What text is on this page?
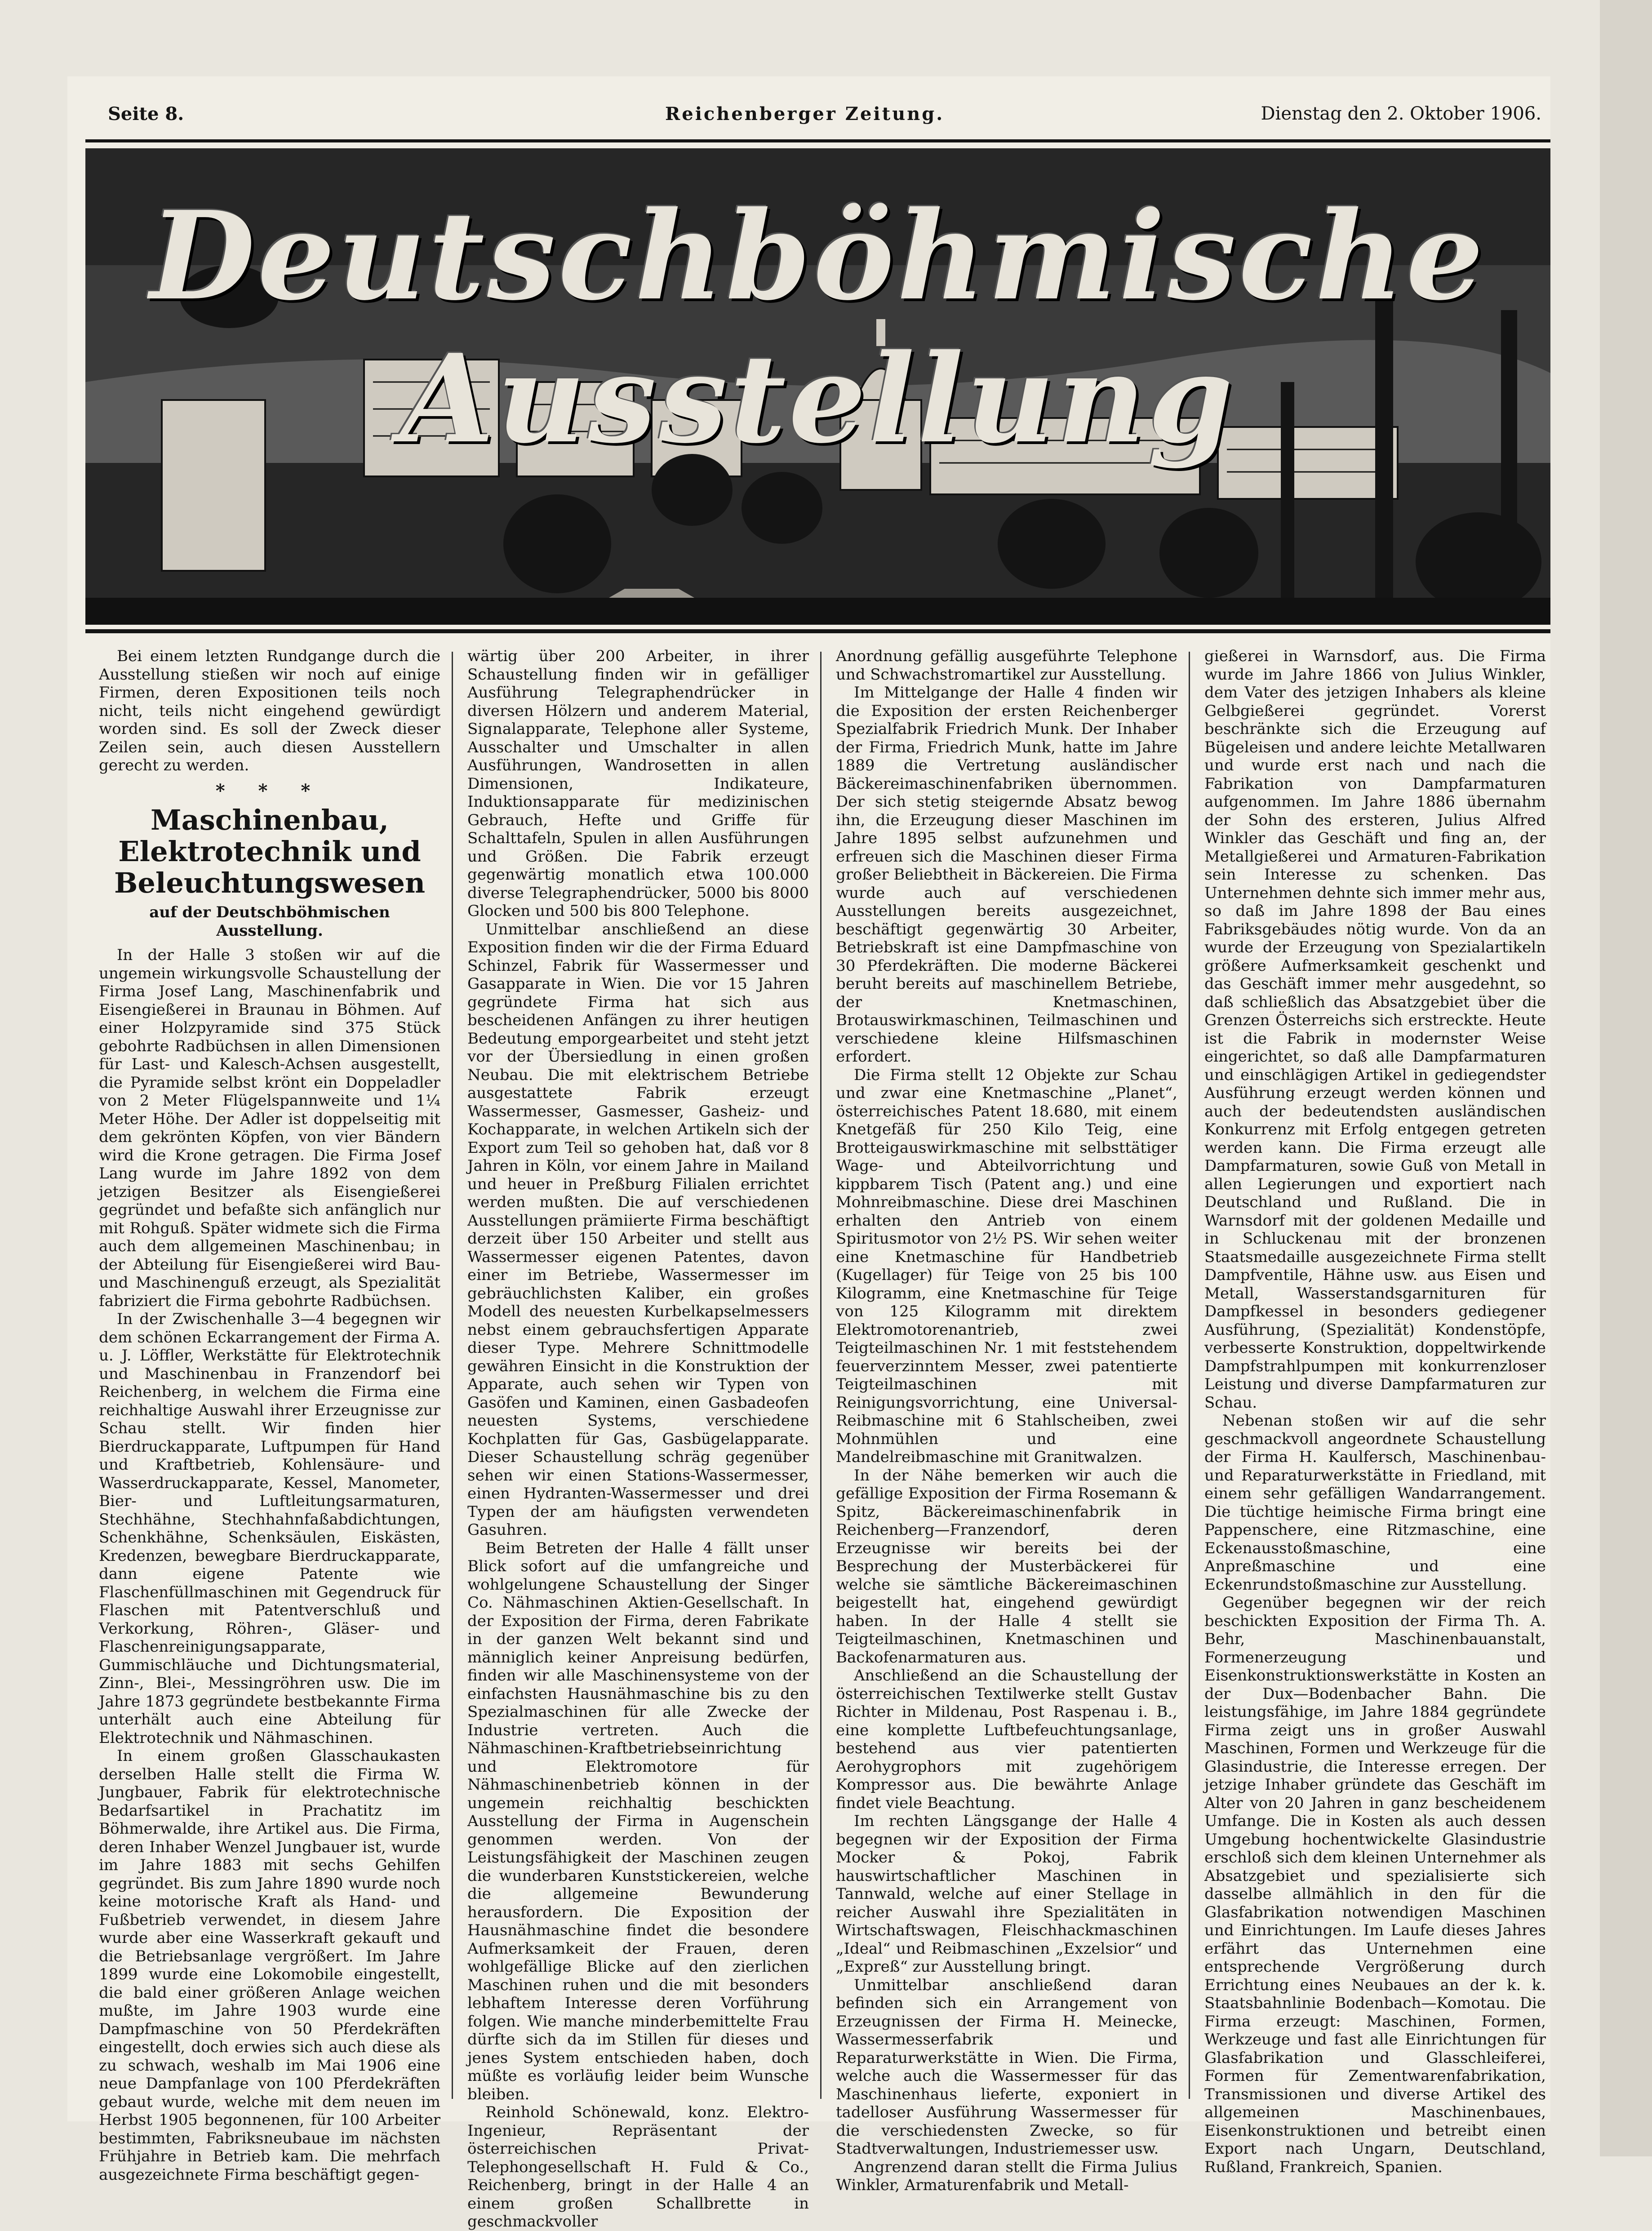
Seite 8.	Reichenberger Zeitung.	Dienstag den 2. Oktober 1906.
Deutschböhmische Ausstellung

Bei einem letzten Rundgange durch die Ausstellung stießen wir noch auf einige Firmen, deren Expositionen teils noch nicht, teils nicht eingehend gewürdigt worden sind. Es soll der Zweck dieser Zeilen sein, auch diesen Ausstellern gerecht zu werden.

* * *
Maschinenbau, Elektrotechnik und Beleuchtungswesen
auf der Deutschböhmischen Ausstellung.

In der Halle 3 stoßen wir auf die ungemein wirkungsvolle Schaustellung der Firma Josef Lang, Maschinenfabrik und Eisengießerei in Braunau in Böhmen. Auf einer Holzpyramide sind 375 Stück gebohrte Radbüchsen in allen Dimensionen für Last- und Kalesch-Achsen ausgestellt, die Pyramide selbst krönt ein Doppeladler von 2 Meter Flügelspannweite und 1¼ Meter Höhe. Der Adler ist doppelseitig mit dem gekrönten Köpfen, von vier Bändern wird die Krone getragen. Die Firma Josef Lang wurde im Jahre 1892 von dem jetzigen Besitzer als Eisengießerei gegründet und befaßte sich anfänglich nur mit Rohguß. Später widmete sich die Firma auch dem allgemeinen Maschinenbau; in der Abteilung für Eisengießerei wird Bau- und Maschinenguß erzeugt, als Spezialität fabriziert die Firma gebohrte Radbüchsen.

In der Zwischenhalle 3—4 begegnen wir dem schönen Eckarrangement der Firma A. u. J. Löffler, Werkstätte für Elektrotechnik und Maschinenbau in Franzendorf bei Reichenberg, in welchem die Firma eine reichhaltige Auswahl ihrer Erzeugnisse zur Schau stellt. Wir finden hier Bierdruckapparate, Luftpumpen für Hand und Kraftbetrieb, Kohlensäure- und Wasserdruckapparate, Kessel, Manometer, Bier- und Luftleitungsarmaturen, Stechhähne, Stechhahnfaßabdichtungen, Schenkhähne, Schenksäulen, Eiskästen, Kredenzen, bewegbare Bierdruckapparate, dann eigene Patente wie Flaschenfüllmaschinen mit Gegendruck für Flaschen mit Patentverschluß und Verkorkung, Röhren-, Gläser- und Flaschenreinigungsapparate, Gummischläuche und Dichtungsmaterial, Zinn-, Blei-, Messingröhren usw. Die im Jahre 1873 gegründete bestbekannte Firma unterhält auch eine Abteilung für Elektrotechnik und Nähmaschinen.

In einem großen Glasschaukasten derselben Halle stellt die Firma W. Jungbauer, Fabrik für elektrotechnische Bedarfsartikel in Prachatitz im Böhmerwalde, ihre Artikel aus. Die Firma, deren Inhaber Wenzel Jungbauer ist, wurde im Jahre 1883 mit sechs Gehilfen gegründet. Bis zum Jahre 1890 wurde noch keine motorische Kraft als Hand- und Fußbetrieb verwendet, in diesem Jahre wurde aber eine Wasserkraft gekauft und die Betriebsanlage vergrößert. Im Jahre 1899 wurde eine Lokomobile eingestellt, die bald einer größeren Anlage weichen mußte, im Jahre 1903 wurde eine Dampfmaschine von 50 Pferdekräften eingestellt, doch erwies sich auch diese als zu schwach, weshalb im Mai 1906 eine neue Dampfanlage von 100 Pferdekräften gebaut wurde, welche mit dem neuen im Herbst 1905 begonnenen, für 100 Arbeiter bestimmten, Fabriksneubaue im nächsten Frühjahre in Betrieb kam. Die mehrfach ausgezeichnete Firma beschäftigt gegen-

wärtig über 200 Arbeiter, in ihrer Schaustellung finden wir in gefälliger Ausführung Telegraphendrücker in diversen Hölzern und anderem Material, Signalapparate, Telephone aller Systeme, Ausschalter und Umschalter in allen Ausführungen, Wandrosetten in allen Dimensionen, Indikateure, Induktionsapparate für medizinischen Gebrauch, Hefte und Griffe für Schalttafeln, Spulen in allen Ausführungen und Größen. Die Fabrik erzeugt gegenwärtig monatlich etwa 100.000 diverse Telegraphendrücker, 5000 bis 8000 Glocken und 500 bis 800 Telephone.

Unmittelbar anschließend an diese Exposition finden wir die der Firma Eduard Schinzel, Fabrik für Wassermesser und Gasapparate in Wien. Die vor 15 Jahren gegründete Firma hat sich aus bescheidenen Anfängen zu ihrer heutigen Bedeutung emporgearbeitet und steht jetzt vor der Übersiedlung in einen großen Neubau. Die mit elektrischem Betriebe ausgestattete Fabrik erzeugt Wassermesser, Gasmesser, Gasheiz- und Kochapparate, in welchen Artikeln sich der Export zum Teil so gehoben hat, daß vor 8 Jahren in Köln, vor einem Jahre in Mailand und heuer in Preßburg Filialen errichtet werden mußten. Die auf verschiedenen Ausstellungen prämiierte Firma beschäftigt derzeit über 150 Arbeiter und stellt aus Wassermesser eigenen Patentes, davon einer im Betriebe, Wassermesser im gebräuchlichsten Kaliber, ein großes Modell des neuesten Kurbelkapselmessers nebst einem gebrauchsfertigen Apparate dieser Type. Mehrere Schnittmodelle gewähren Einsicht in die Konstruktion der Apparate, auch sehen wir Typen von Gasöfen und Kaminen, einen Gasbadeofen neuesten Systems, verschiedene Kochplatten für Gas, Gasbügelapparate. Dieser Schaustellung schräg gegenüber sehen wir einen Stations-Wassermesser, einen Hydranten-Wassermesser und drei Typen der am häufigsten verwendeten Gasuhren.

Beim Betreten der Halle 4 fällt unser Blick sofort auf die umfangreiche und wohlgelungene Schaustellung der Singer Co. Nähmaschinen Aktien-Gesellschaft. In der Exposition der Firma, deren Fabrikate in der ganzen Welt bekannt sind und männiglich keiner Anpreisung bedürfen, finden wir alle Maschinensysteme von der einfachsten Hausnähmaschine bis zu den Spezialmaschinen für alle Zwecke der Industrie vertreten. Auch die Nähmaschinen-Kraftbetriebseinrichtung und Elektromotore für Nähmaschinenbetrieb können in der ungemein reichhaltig beschickten Ausstellung der Firma in Augenschein genommen werden. Von der Leistungsfähigkeit der Maschinen zeugen die wunderbaren Kunststickereien, welche die allgemeine Bewunderung herausfordern. Die Exposition der Hausnähmaschine findet die besondere Aufmerksamkeit der Frauen, deren wohlgefällige Blicke auf den zierlichen Maschinen ruhen und die mit besonders lebhaftem Interesse deren Vorführung folgen. Wie manche minderbemittelte Frau dürfte sich da im Stillen für dieses und jenes System entschieden haben, doch müßte es vorläufig leider beim Wunsche bleiben.

Reinhold Schönewald, konz. Elektro-Ingenieur, Repräsentant der österreichischen Privat-Telephongesellschaft H. Fuld & Co., Reichenberg, bringt in der Halle 4 an einem großen Schallbrette in geschmackvoller

Anordnung gefällig ausgeführte Telephone und Schwachstromartikel zur Ausstellung.

Im Mittelgange der Halle 4 finden wir die Exposition der ersten Reichenberger Spezialfabrik Friedrich Munk. Der Inhaber der Firma, Friedrich Munk, hatte im Jahre 1889 die Vertretung ausländischer Bäckereimaschinenfabriken übernommen. Der sich stetig steigernde Absatz bewog ihn, die Erzeugung dieser Maschinen im Jahre 1895 selbst aufzunehmen und erfreuen sich die Maschinen dieser Firma großer Beliebtheit in Bäckereien. Die Firma wurde auch auf verschiedenen Ausstellungen bereits ausgezeichnet, beschäftigt gegenwärtig 30 Arbeiter, Betriebskraft ist eine Dampfmaschine von 30 Pferdekräften. Die moderne Bäckerei beruht bereits auf maschinellem Betriebe, der Knetmaschinen, Brotauswirkmaschinen, Teilmaschinen und verschiedene kleine Hilfsmaschinen erfordert.

Die Firma stellt 12 Objekte zur Schau und zwar eine Knetmaschine „Planet“, österreichisches Patent 18.680, mit einem Knetgefäß für 250 Kilo Teig, eine Brotteigauswirkmaschine mit selbsttätiger Wage- und Abteilvorrichtung und kippbarem Tisch (Patent ang.) und eine Mohnreibmaschine. Diese drei Maschinen erhalten den Antrieb von einem Spiritusmotor von 2½ PS. Wir sehen weiter eine Knetmaschine für Handbetrieb (Kugellager) für Teige von 25 bis 100 Kilogramm, eine Knetmaschine für Teige von 125 Kilogramm mit direktem Elektromotorenantrieb, zwei Teigteilmaschinen Nr. 1 mit feststehendem feuerverzinntem Messer, zwei patentierte Teigteilmaschinen mit Reinigungsvorrichtung, eine Universal-Reibmaschine mit 6 Stahlscheiben, zwei Mohnmühlen und eine Mandelreibmaschine mit Granitwalzen.

In der Nähe bemerken wir auch die gefällige Exposition der Firma Rosemann & Spitz, Bäckereimaschinenfabrik in Reichenberg—Franzendorf, deren Erzeugnisse wir bereits bei der Besprechung der Musterbäckerei für welche sie sämtliche Bäckereimaschinen beigestellt hat, eingehend gewürdigt haben. In der Halle 4 stellt sie Teigteilmaschinen, Knetmaschinen und Backofenarmaturen aus.

Anschließend an die Schaustellung der österreichischen Textilwerke stellt Gustav Richter in Mildenau, Post Raspenau i. B., eine komplette Luftbefeuchtungsanlage, bestehend aus vier patentierten Aerohygrophors mit zugehörigem Kompressor aus. Die bewährte Anlage findet viele Beachtung.

Im rechten Längsgange der Halle 4 begegnen wir der Exposition der Firma Mocker & Pokoj, Fabrik hauswirtschaftlicher Maschinen in Tannwald, welche auf einer Stellage in reicher Auswahl ihre Spezialitäten in Wirtschaftswagen, Fleischhackmaschinen „Ideal“ und Reibmaschinen „Exzelsior“ und „Expreß“ zur Ausstellung bringt.

Unmittelbar anschließend daran befinden sich ein Arrangement von Erzeugnissen der Firma H. Meinecke, Wassermesserfabrik und Reparaturwerkstätte in Wien. Die Firma, welche auch die Wassermesser für das Maschinenhaus lieferte, exponiert in tadelloser Ausführung Wassermesser für die verschiedensten Zwecke, so für Stadtverwaltungen, Industriemesser usw.

Angrenzend daran stellt die Firma Julius Winkler, Armaturenfabrik und Metall-

gießerei in Warnsdorf, aus. Die Firma wurde im Jahre 1866 von Julius Winkler, dem Vater des jetzigen Inhabers als kleine Gelbgießerei gegründet. Vorerst beschränkte sich die Erzeugung auf Bügeleisen und andere leichte Metallwaren und wurde erst nach und nach die Fabrikation von Dampfarmaturen aufgenommen. Im Jahre 1886 übernahm der Sohn des ersteren, Julius Alfred Winkler das Geschäft und fing an, der Metallgießerei und Armaturen-Fabrikation sein Interesse zu schenken. Das Unternehmen dehnte sich immer mehr aus, so daß im Jahre 1898 der Bau eines Fabriksgebäudes nötig wurde. Von da an wurde der Erzeugung von Spezialartikeln größere Aufmerksamkeit geschenkt und das Geschäft immer mehr ausgedehnt, so daß schließlich das Absatzgebiet über die Grenzen Österreichs sich erstreckte. Heute ist die Fabrik in modernster Weise eingerichtet, so daß alle Dampfarmaturen und einschlägigen Artikel in gediegendster Ausführung erzeugt werden können und auch der bedeutendsten ausländischen Konkurrenz mit Erfolg entgegen getreten werden kann. Die Firma erzeugt alle Dampfarmaturen, sowie Guß von Metall in allen Legierungen und exportiert nach Deutschland und Rußland. Die in Warnsdorf mit der goldenen Medaille und in Schluckenau mit der bronzenen Staatsmedaille ausgezeichnete Firma stellt Dampfventile, Hähne usw. aus Eisen und Metall, Wasserstandsgarnituren für Dampfkessel in besonders gediegener Ausführung, (Spezialität) Kondenstöpfe, verbesserte Konstruktion, doppeltwirkende Dampfstrahlpumpen mit konkurrenzloser Leistung und diverse Dampfarmaturen zur Schau.

Nebenan stoßen wir auf die sehr geschmackvoll angeordnete Schaustellung der Firma H. Kaulfersch, Maschinenbau- und Reparaturwerkstätte in Friedland, mit einem sehr gefälligen Wandarrangement. Die tüchtige heimische Firma bringt eine Pappenschere, eine Ritzmaschine, eine Eckenausstoßmaschine, eine Anpreßmaschine und eine Eckenrundstoßmaschine zur Ausstellung.

Gegenüber begegnen wir der reich beschickten Exposition der Firma Th. A. Behr, Maschinenbauanstalt, Formenerzeugung und Eisenkonstruktionswerkstätte in Kosten an der Dux—Bodenbacher Bahn. Die leistungsfähige, im Jahre 1884 gegründete Firma zeigt uns in großer Auswahl Maschinen, Formen und Werkzeuge für die Glasindustrie, die Interesse erregen. Der jetzige Inhaber gründete das Geschäft im Alter von 20 Jahren in ganz bescheidenem Umfange. Die in Kosten als auch dessen Umgebung hochentwickelte Glasindustrie erschloß sich dem kleinen Unternehmer als Absatzgebiet und spezialisierte sich dasselbe allmählich in den für die Glasfabrikation notwendigen Maschinen und Einrichtungen. Im Laufe dieses Jahres erfährt das Unternehmen eine entsprechende Vergrößerung durch Errichtung eines Neubaues an der k. k. Staatsbahnlinie Bodenbach—Komotau. Die Firma erzeugt: Maschinen, Formen, Werkzeuge und fast alle Einrichtungen für Glasfabrikation und Glasschleiferei, Formen für Zementwarenfabrikation, Transmissionen und diverse Artikel des allgemeinen Maschinenbaues, Eisenkonstruktionen und betreibt einen Export nach Ungarn, Deutschland, Rußland, Frankreich, Spanien.
